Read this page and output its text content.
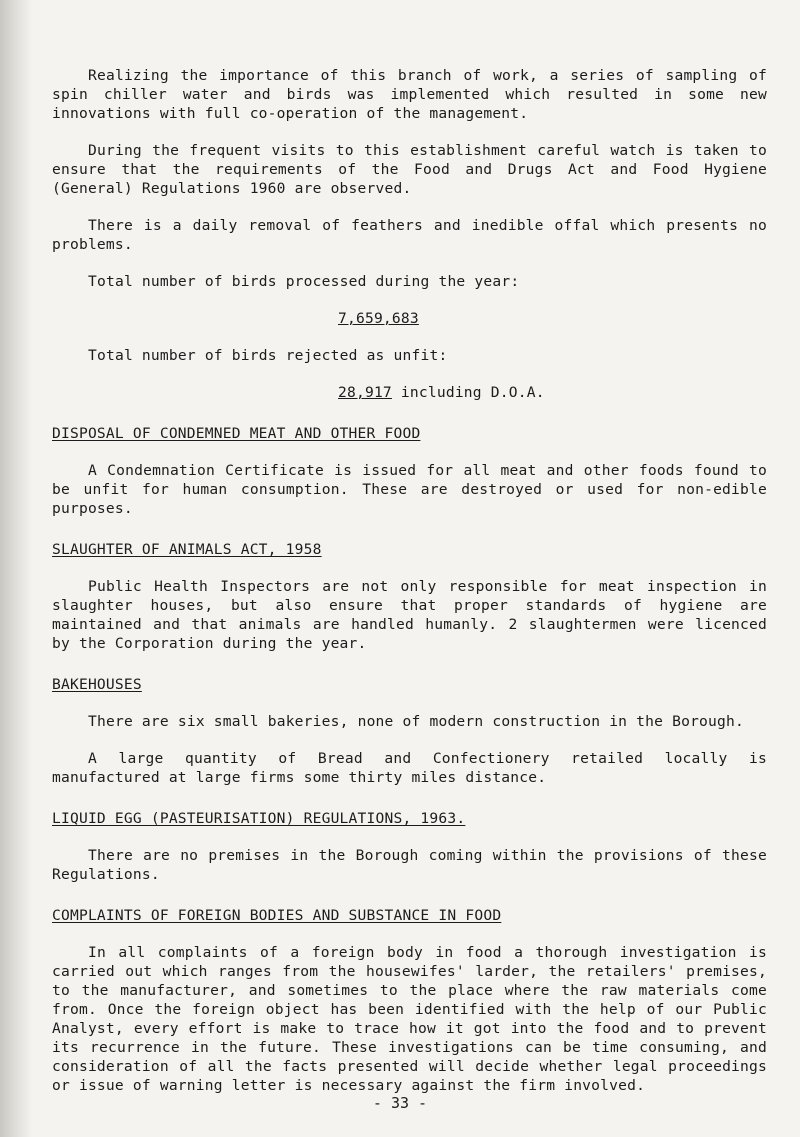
Realizing the importance of this branch of work, a series of sampling of spin chiller water and birds was implemented which resulted in some new innovations with full co-operation of the management.

During the frequent visits to this establishment careful watch is taken to ensure that the requirements of the Food and Drugs Act and Food Hygiene (General) Regulations 1960 are observed.

There is a daily removal of feathers and inedible offal which presents no problems.

Total number of birds processed during the year:

7,659,683

Total number of birds rejected as unfit:

28,917 including D.O.A.

DISPOSAL OF CONDEMNED MEAT AND OTHER FOOD

A Condemnation Certificate is issued for all meat and other foods found to be unfit for human consumption. These are destroyed or used for non-edible purposes.

SLAUGHTER OF ANIMALS ACT, 1958

Public Health Inspectors are not only responsible for meat inspection in slaughter houses, but also ensure that proper standards of hygiene are maintained and that animals are handled humanly. 2 slaughtermen were licenced by the Corporation during the year.

BAKEHOUSES

There are six small bakeries, none of modern construction in the Borough.

A large quantity of Bread and Confectionery retailed locally is manufactured at large firms some thirty miles distance.

LIQUID EGG (PASTEURISATION) REGULATIONS, 1963.

There are no premises in the Borough coming within the provisions of these Regulations.

COMPLAINTS OF FOREIGN BODIES AND SUBSTANCE IN FOOD

In all complaints of a foreign body in food a thorough investigation is carried out which ranges from the housewifes' larder, the retailers' premises, to the manufacturer, and sometimes to the place where the raw materials come from. Once the foreign object has been identified with the help of our Public Analyst, every effort is make to trace how it got into the food and to prevent its recurrence in the future. These investigations can be time consuming, and consideration of all the facts presented will decide whether legal proceedings or issue of warning letter is necessary against the firm involved.

- 33 -
